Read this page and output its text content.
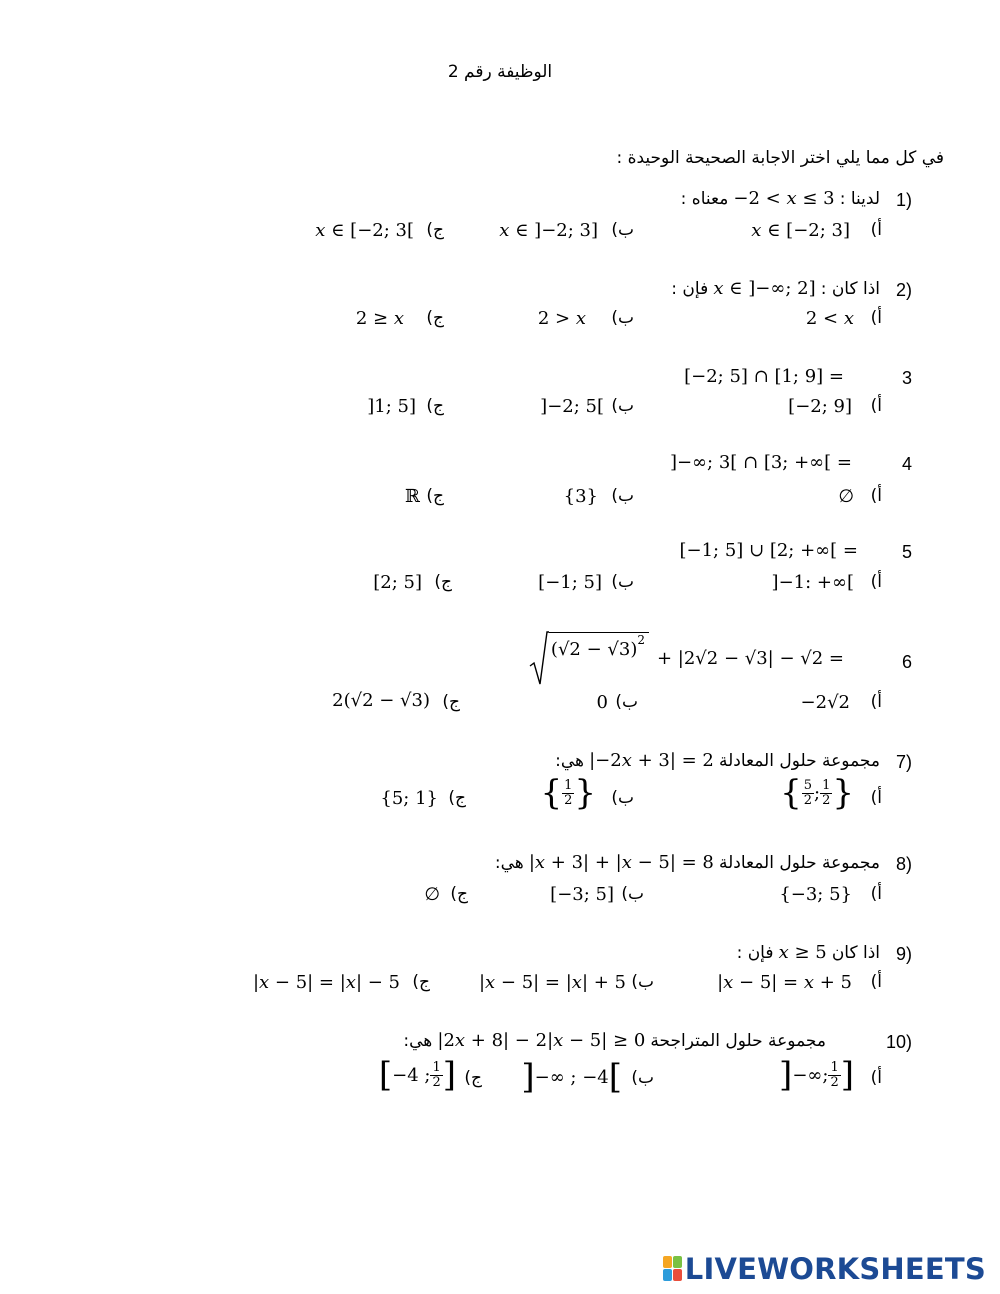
الوظيفة رقم 2
في كل مما يلي اختر الاجابة الصحيحة الوحيدة :
1)
لدينا : −2 < 𝑥 ≤ 3 معناه :
أ)
𝑥 ∈ [−2; 3]
ب)
𝑥 ∈ ]−2; 3]
ج)
𝑥 ∈ [−2; 3[
2)
اذا كان : 𝑥 ∈ ]−∞; 2] فإن :
أ)
2 < 𝑥
ب)
2 > 𝑥
ج)
2 ≥ 𝑥
3
[−2; 5] ∩ [1; 9] =
أ)
[−2; 9]
ب)
]−2; 5[
ج)
]1; 5]
4
]−∞; 3[ ∩ [3; +∞[ =
أ)
∅
ب)
{3}
ج)
ℝ
5
[−1; 5] ∪ [2; +∞[ =
أ)
]−1: +∞[
ب)
[−1; 5]
ج)
[2; 5]
6
(√2 − √3) 2
+ |2√2 − √3| − √2 =
أ)
−2√2
ب)
0
ج)
2(√2 − √3)
7)
مجموعة حلول المعادلة |−2𝑥 + 3| = 2 هي:
أ)
{ $\frac{5}{2}$ ; $\frac{1}{2}$ }
ب)
{ $\frac{1}{2}$ }
ج)
{5; 1}
8)
مجموعة حلول المعادلة |𝑥 + 3| + |𝑥 − 5| = 8 هي:
أ)
{−3; 5}
ب)
[−3; 5]
ج)
∅
9)
اذا كان 𝑥 ≥ 5 فإن :
أ)
|𝑥 − 5| = 𝑥 + 5
ب)
|𝑥 − 5| = |𝑥| + 5
ج)
|𝑥 − 5| = |𝑥| − 5
10)
مجموعة حلول المتراجحة |2𝑥 + 8| − 2|𝑥 − 5| ≥ 0 هي:
أ)
] −∞; $\frac{1}{2}$ ]
ب)
] −∞ ; −4 [
ج)
[ −4 ; $\frac{1}{2}$ ]
LIVEWORKSHEETS
